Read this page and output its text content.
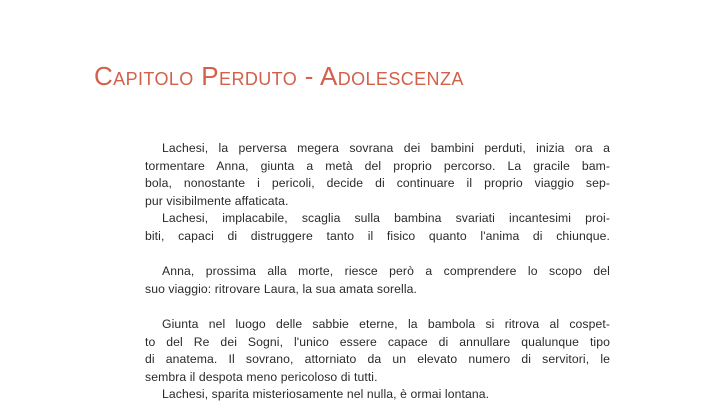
Capitolo Perduto - Adolescenza
Lachesi, la perversa megera sovrana dei bambini perduti, inizia ora a
tormentare Anna, giunta a metà del proprio percorso. La gracile bam-
bola, nonostante i pericoli, decide di continuare il proprio viaggio sep-
pur visibilmente affaticata.
Lachesi, implacabile, scaglia sulla bambina svariati incantesimi proi-
biti, capaci di distruggere tanto il fisico quanto l'anima di chiunque.
Anna, prossima alla morte, riesce però a comprendere lo scopo del
suo viaggio: ritrovare Laura, la sua amata sorella.
Giunta nel luogo delle sabbie eterne, la bambola si ritrova al cospet-
to del Re dei Sogni, l'unico essere capace di annullare qualunque tipo
di anatema. Il sovrano, attorniato da un elevato numero di servitori, le
sembra il despota meno pericoloso di tutti.
Lachesi, sparita misteriosamente nel nulla, è ormai lontana.
